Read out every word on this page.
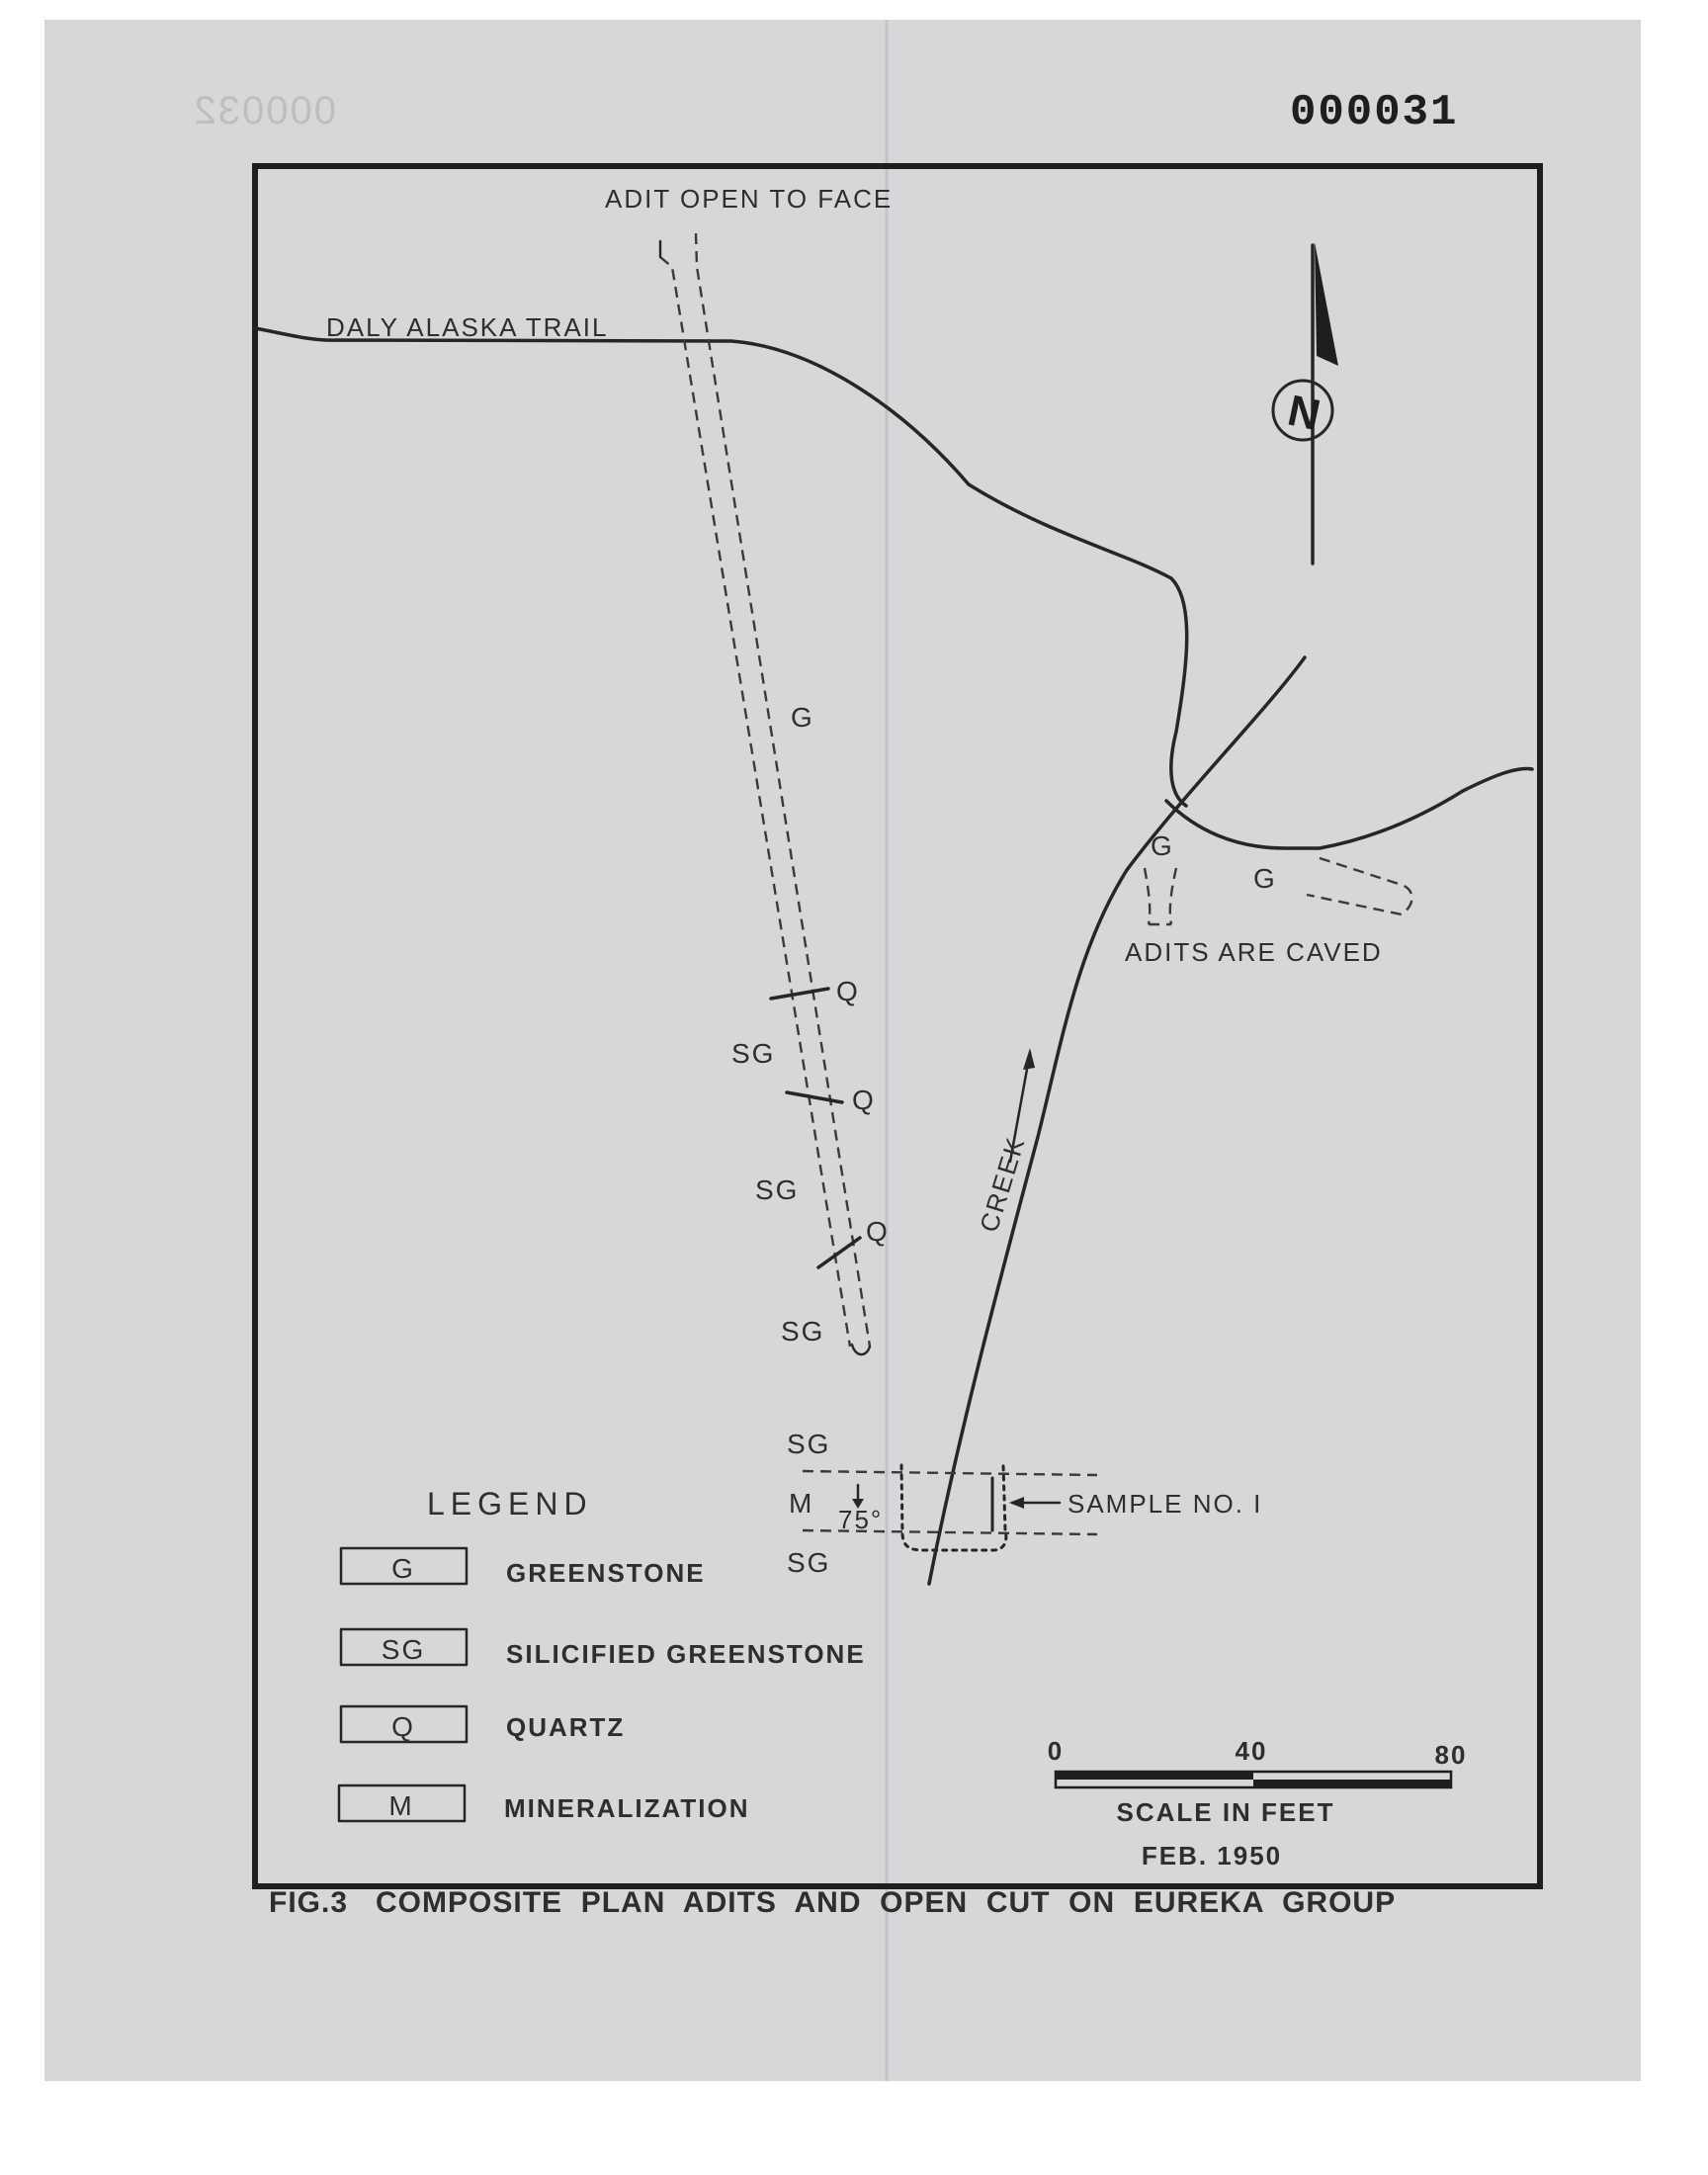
000032	000031
N
ADIT OPEN TO FACE
DALY ALASKA TRAIL
ADITS ARE CAVED
CREEK
SAMPLE NO. I
75°
G
Q
SG
Q
SG
Q
SG
SG
M
SG
G
G
LEGEND
G	GREENSTONE
SG	SILICIFIED GREENSTONE
Q	QUARTZ
M	MINERALIZATION
0	40	80
SCALE IN FEET
FEB. 1950
FIG.3   COMPOSITE  PLAN  ADITS  AND  OPEN  CUT  ON  EUREKA  GROUP
